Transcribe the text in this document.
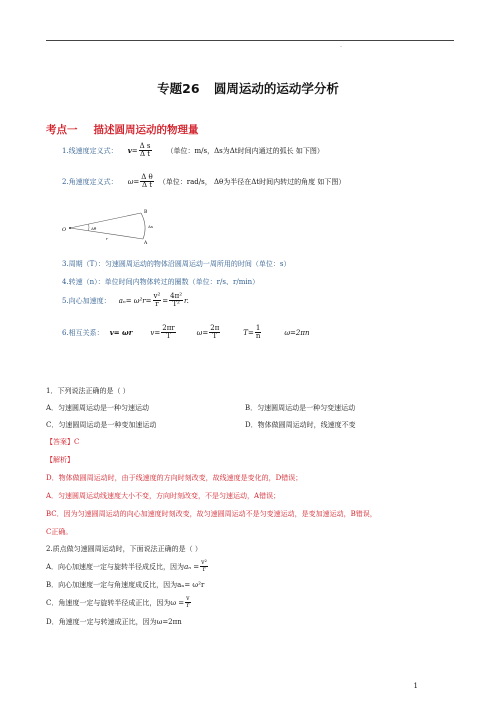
.
专题26 圆周运动的运动学分析
考点一 描述圆周运动的物理量
1.线速度定义式： $v = \frac{\text{Δ s}}{\text{Δ t}}$ （单位：m/s，Δs为Δt时间内通过的弧长 如下图）
2.角速度定义式： $\omega = \frac{\text{Δ θ}}{\text{Δ t}}$ （单位：rad/s， Δθ为半径在Δt时间内转过的角度 如下图）
O
B
A
Δθ	Δs
r
3.周期（T）：匀速圆周运动的物体沿圆周运动一周所用的时间（单位：s）
4.转速（n）：单位时间内物体转过的圈数（单位：r/s、r/min）
5.向心加速度： $a_n= \omega^2r= \frac{\text{v²}}{r} = \frac{\text{4π²}}{\text{T²}} r$.
6.相互关系： v= ωr	$v= \frac{2\pi r}{T}$	$\omega= \frac{2\pi}{T}$	$T= \frac{1}{n}$	ω=2πn
1．下列说法正确的是（ ）
A．匀速圆周运动是一种匀速运动	B．匀速圆周运动是一种匀变速运动
C．匀速圆周运动是一种变加速运动	D．物体做圆周运动时，线速度不变
【答案】C
【解析】
D．物体做圆周运动时，由于线速度的方向时刻改变，故线速度是变化的，D错误；
A．匀速圆周运动线速度大小不变，方向时刻改变，不是匀速运动，A错误；
BC．因为匀速圆周运动的向心加速度时刻改变，故匀速圆周运动不是匀变速运动，是变加速运动，B错误，
C正确。
2.质点做匀速圆周运动时，下面说法正确的是（ ）
A．向心加速度一定与旋转半径成反比，因为 $a_n = \frac{\text{v²}}{r}$
B．向心加速度一定与角速度成反比，因为aₙ= ω²r
C．角速度一定与旋转半径成正比，因为$\omega = \frac{v}{r}$
D．角速度一定与转速成正比，因为ω=2πn
1
